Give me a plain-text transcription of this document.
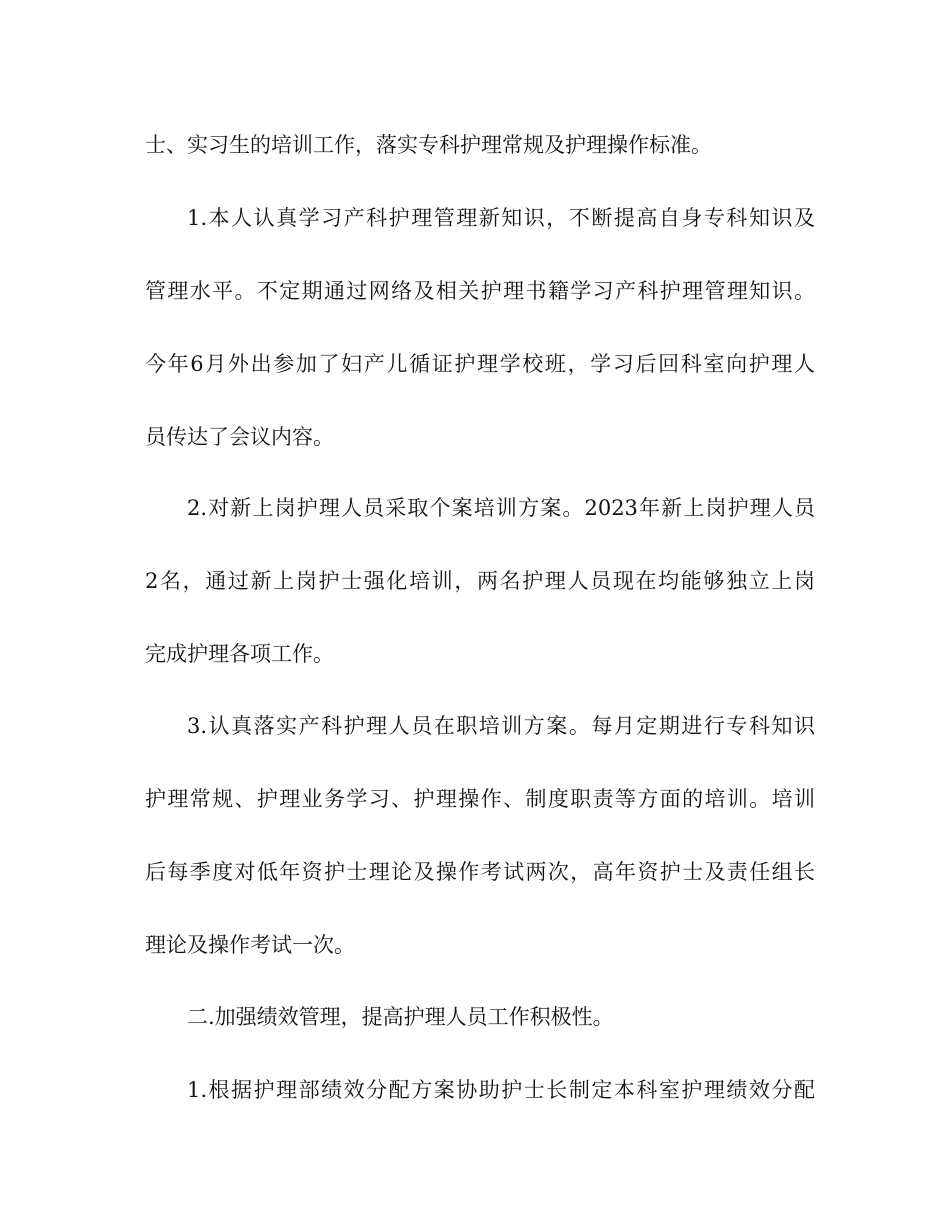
士、实习生的培训工作，落实专科护理常规及护理操作标准。
1.本人认真学习产科护理管理新知识，不断提高自身专科知识及
管理水平。不定期通过网络及相关护理书籍学习产科护理管理知识。
今年6月外出参加了妇产儿循证护理学校班，学习后回科室向护理人
员传达了会议内容。
2.对新上岗护理人员采取个案培训方案。2023年新上岗护理人员
2名，通过新上岗护士强化培训，两名护理人员现在均能够独立上岗
完成护理各项工作。
3.认真落实产科护理人员在职培训方案。每月定期进行专科知识
护理常规、护理业务学习、护理操作、制度职责等方面的培训。培训
后每季度对低年资护士理论及操作考试两次，高年资护士及责任组长
理论及操作考试一次。
二.加强绩效管理，提高护理人员工作积极性。
1.根据护理部绩效分配方案协助护士长制定本科室护理绩效分配
